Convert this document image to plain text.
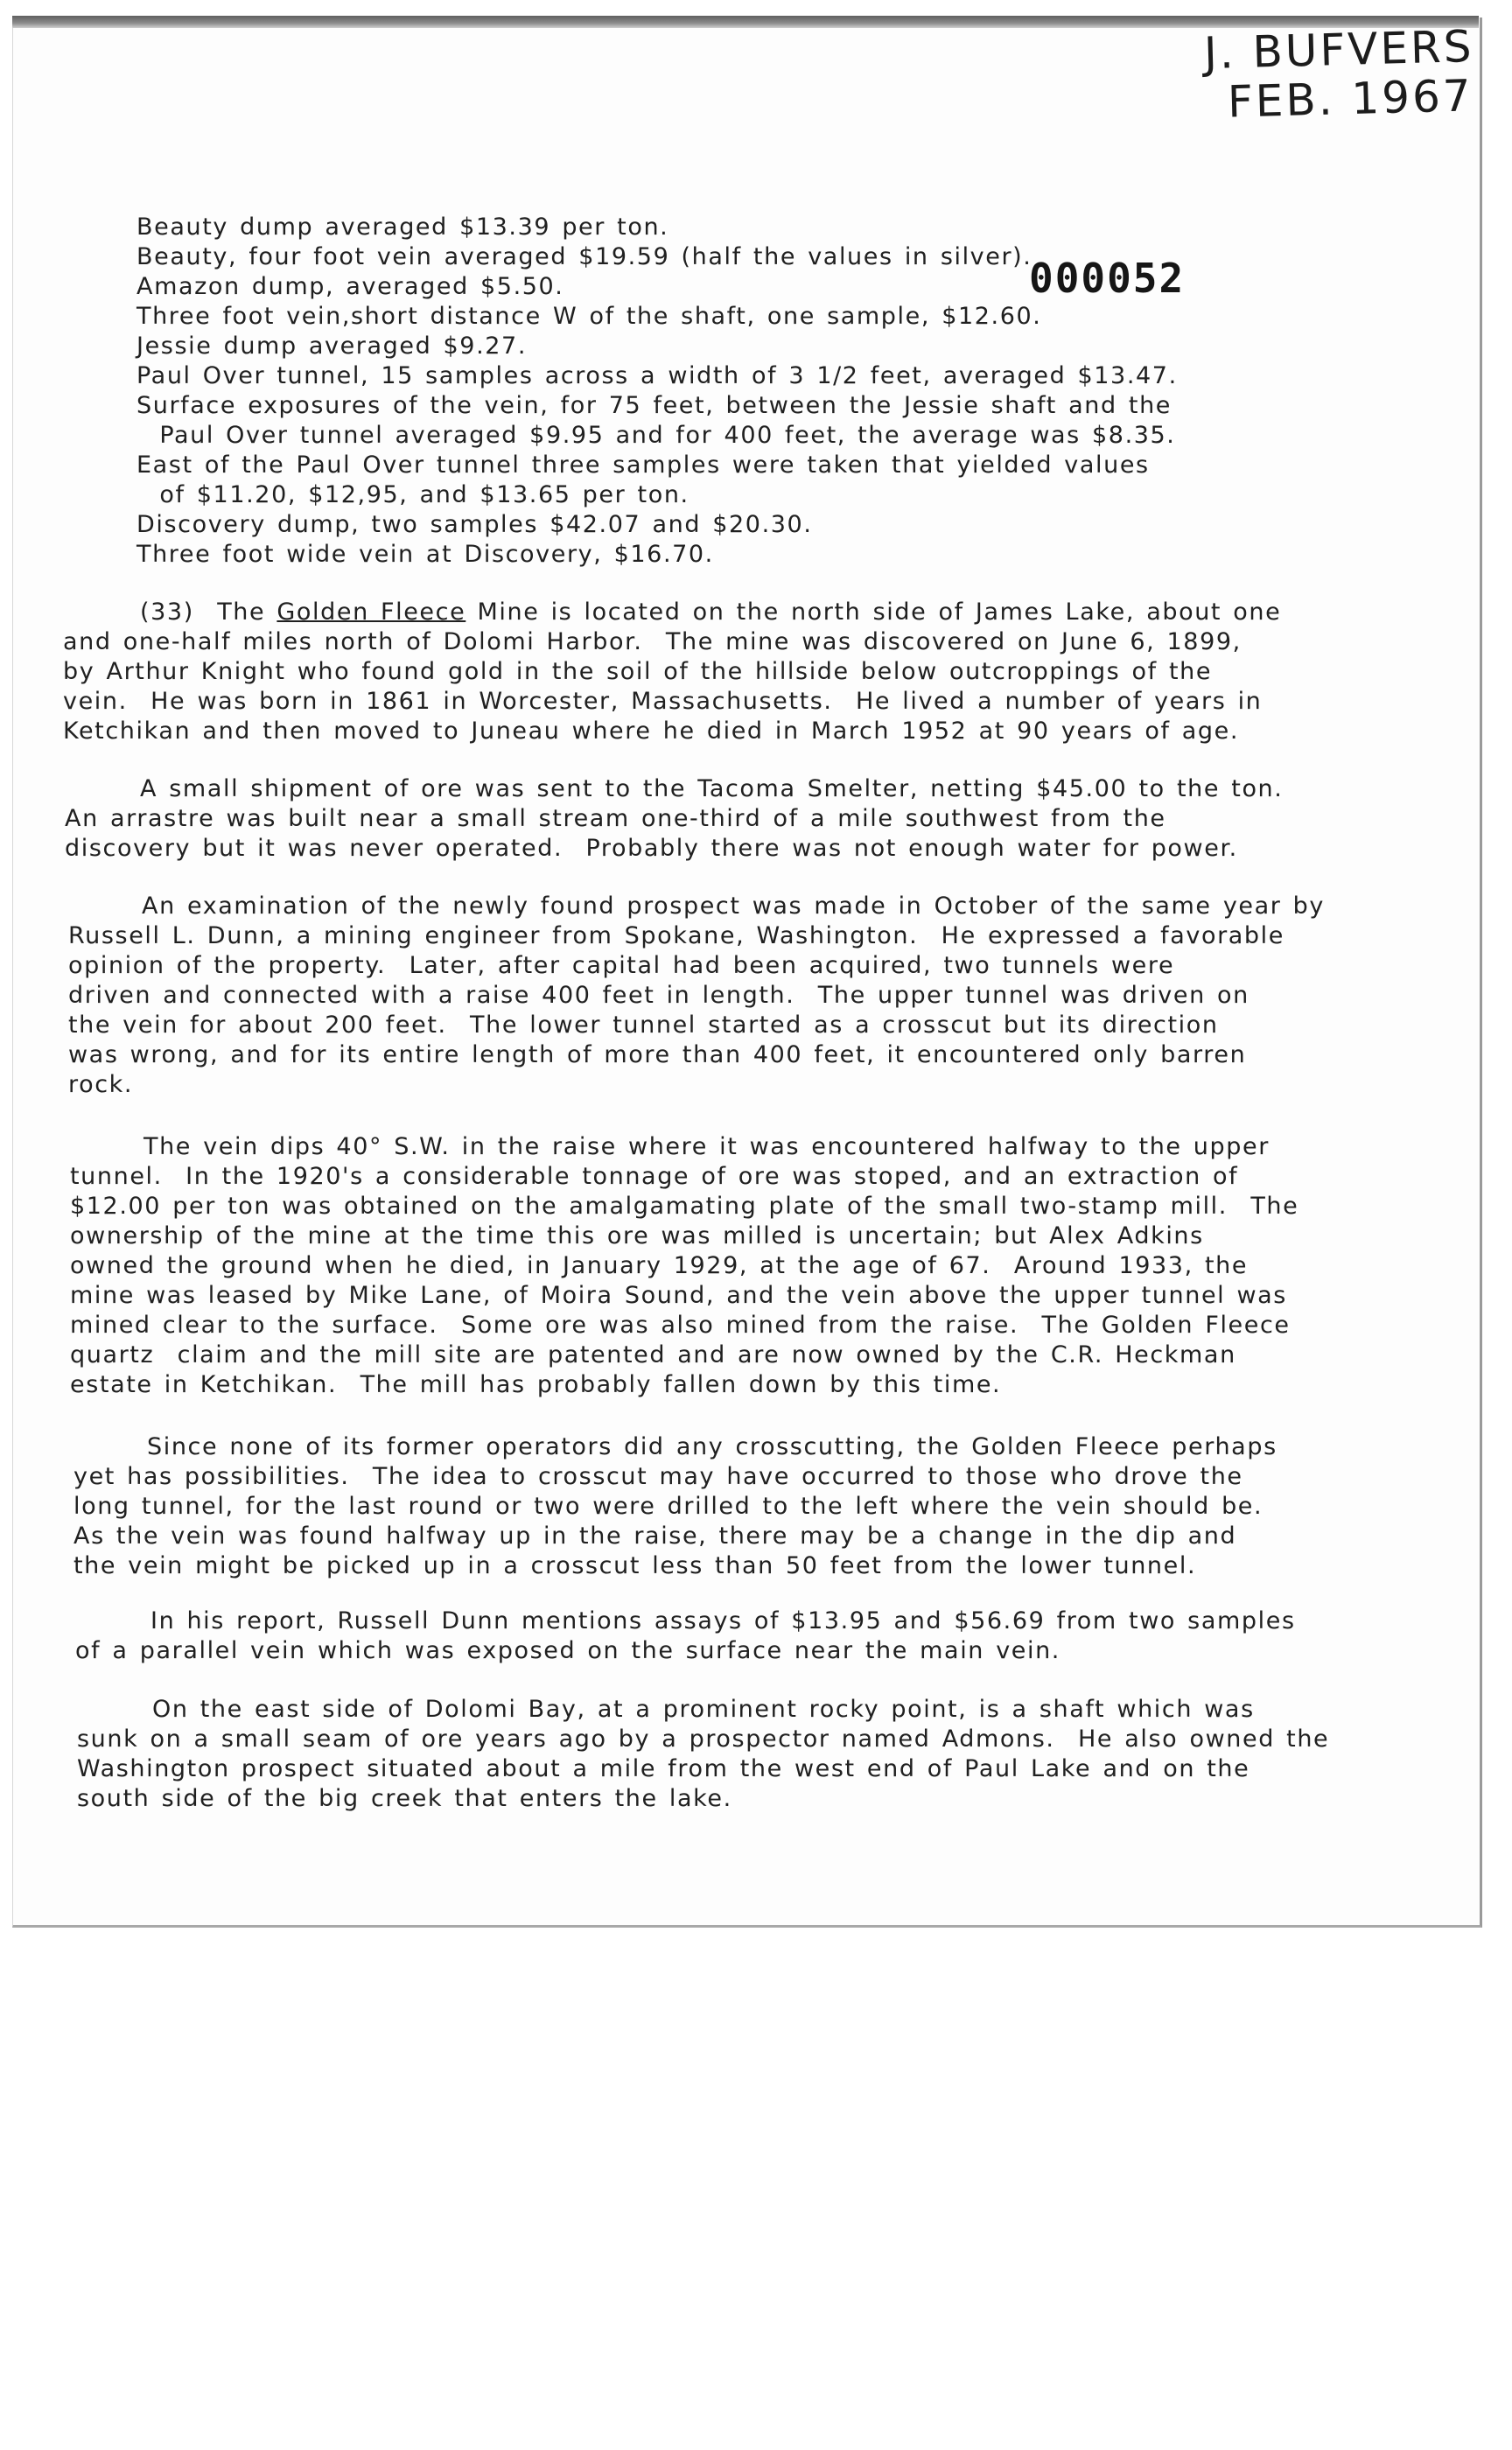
J. BUFVERS
FEB. 1967
000052
Beauty dump averaged $13.39 per ton.
Beauty, four foot vein averaged $19.59 (half the values in silver).
Amazon dump, averaged $5.50.
Three foot vein,short distance W of the shaft, one sample, $12.60.
Jessie dump averaged $9.27.
Paul Over tunnel, 15 samples across a width of 3 1/2 feet, averaged $13.47.
Surface exposures of the vein, for 75 feet, between the Jessie shaft and the
Paul Over tunnel averaged $9.95 and for 400 feet, the average was $8.35.
East of the Paul Over tunnel three samples were taken that yielded values
of $11.20, $12,95, and $13.65 per ton.
Discovery dump, two samples $42.07 and $20.30.
Three foot wide vein at Discovery, $16.70.
(33)  The Golden Fleece Mine is located on the north side of James Lake, about one
and one-half miles north of Dolomi Harbor.  The mine was discovered on June 6, 1899,
by Arthur Knight who found gold in the soil of the hillside below outcroppings of the
vein.  He was born in 1861 in Worcester, Massachusetts.  He lived a number of years in
Ketchikan and then moved to Juneau where he died in March 1952 at 90 years of age.
A small shipment of ore was sent to the Tacoma Smelter, netting $45.00 to the ton.
An arrastre was built near a small stream one-third of a mile southwest from the
discovery but it was never operated.  Probably there was not enough water for power.
An examination of the newly found prospect was made in October of the same year by
Russell L. Dunn, a mining engineer from Spokane, Washington.  He expressed a favorable
opinion of the property.  Later, after capital had been acquired, two tunnels were
driven and connected with a raise 400 feet in length.  The upper tunnel was driven on
the vein for about 200 feet.  The lower tunnel started as a crosscut but its direction
was wrong, and for its entire length of more than 400 feet, it encountered only barren
rock.
The vein dips 40° S.W. in the raise where it was encountered halfway to the upper
tunnel.  In the 1920's a considerable tonnage of ore was stoped, and an extraction of
$12.00 per ton was obtained on the amalgamating plate of the small two-stamp mill.  The
ownership of the mine at the time this ore was milled is uncertain; but Alex Adkins
owned the ground when he died, in January 1929, at the age of 67.  Around 1933, the
mine was leased by Mike Lane, of Moira Sound, and the vein above the upper tunnel was
mined clear to the surface.  Some ore was also mined from the raise.  The Golden Fleece
quartz  claim and the mill site are patented and are now owned by the C.R. Heckman
estate in Ketchikan.  The mill has probably fallen down by this time.
Since none of its former operators did any crosscutting, the Golden Fleece perhaps
yet has possibilities.  The idea to crosscut may have occurred to those who drove the
long tunnel, for the last round or two were drilled to the left where the vein should be.
As the vein was found halfway up in the raise, there may be a change in the dip and
the vein might be picked up in a crosscut less than 50 feet from the lower tunnel.
In his report, Russell Dunn mentions assays of $13.95 and $56.69 from two samples
of a parallel vein which was exposed on the surface near the main vein.
On the east side of Dolomi Bay, at a prominent rocky point, is a shaft which was
sunk on a small seam of ore years ago by a prospector named Admons.  He also owned the
Washington prospect situated about a mile from the west end of Paul Lake and on the
south side of the big creek that enters the lake.
